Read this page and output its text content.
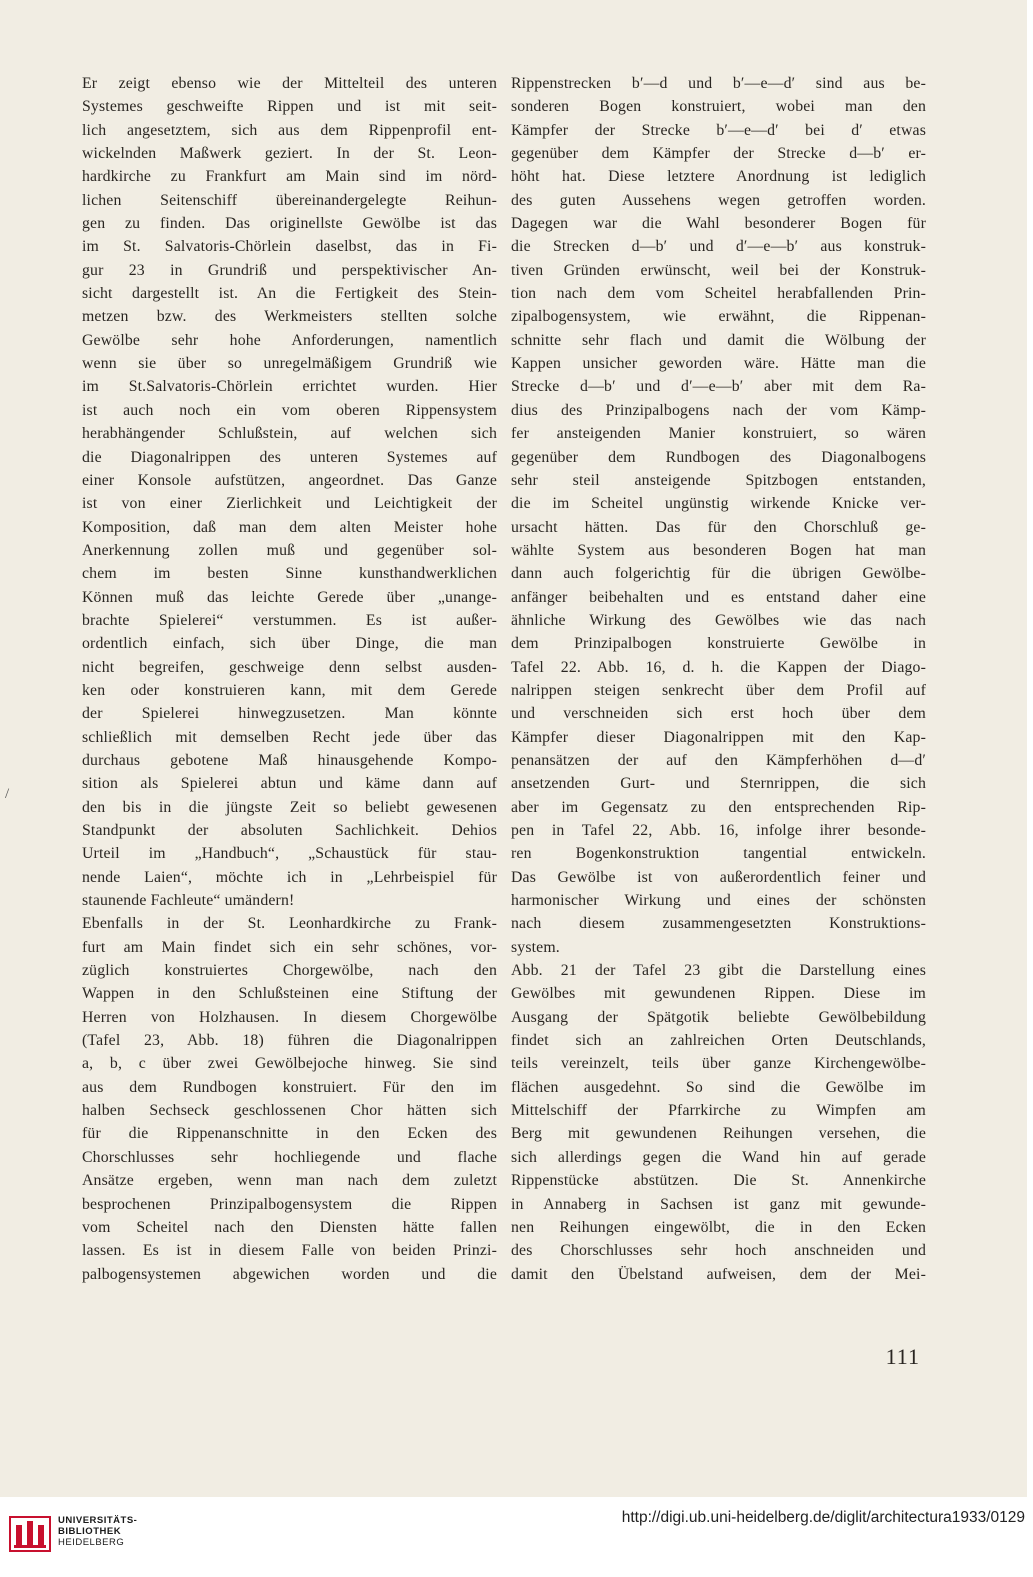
Er zeigt ebenso wie der Mittelteil des unteren
Systemes geschweifte Rippen und ist mit seit-
lich angesetztem, sich aus dem Rippenprofil ent-
wickelnden Maßwerk geziert. In der St. Leon-
hardkirche zu Frankfurt am Main sind im nörd-
lichen Seitenschiff übereinandergelegte Reihun-
gen zu finden. Das originellste Gewölbe ist das
im St. Salvatoris-Chörlein daselbst, das in Fi-
gur 23 in Grundriß und perspektivischer An-
sicht dargestellt ist. An die Fertigkeit des Stein-
metzen bzw. des Werkmeisters stellten solche
Gewölbe sehr hohe Anforderungen, namentlich
wenn sie über so unregelmäßigem Grundriß wie
im St.Salvatoris-Chörlein errichtet wurden. Hier
ist auch noch ein vom oberen Rippensystem
herabhängender Schlußstein, auf welchen sich
die Diagonalrippen des unteren Systemes auf
einer Konsole aufstützen, angeordnet. Das Ganze
ist von einer Zierlichkeit und Leichtigkeit der
Komposition, daß man dem alten Meister hohe
Anerkennung zollen muß und gegenüber sol-
chem im besten Sinne kunsthandwerklichen
Können muß das leichte Gerede über „unange-
brachte Spielerei“ verstummen. Es ist außer-
ordentlich einfach, sich über Dinge, die man
nicht begreifen, geschweige denn selbst ausden-
ken oder konstruieren kann, mit dem Gerede
der Spielerei hinwegzusetzen. Man könnte
schließlich mit demselben Recht jede über das
durchaus gebotene Maß hinausgehende Kompo-
sition als Spielerei abtun und käme dann auf
den bis in die jüngste Zeit so beliebt gewesenen
Standpunkt der absoluten Sachlichkeit. Dehios
Urteil im „Handbuch“, „Schaustück für stau-
nende Laien“, möchte ich in „Lehrbeispiel für
staunende Fachleute“ umändern!
Ebenfalls in der St. Leonhardkirche zu Frank-
furt am Main findet sich ein sehr schönes, vor-
züglich konstruiertes Chorgewölbe, nach den
Wappen in den Schlußsteinen eine Stiftung der
Herren von Holzhausen. In diesem Chorgewölbe
(Tafel 23, Abb. 18) führen die Diagonalrippen
a, b, c über zwei Gewölbejoche hinweg. Sie sind
aus dem Rundbogen konstruiert. Für den im
halben Sechseck geschlossenen Chor hätten sich
für die Rippenanschnitte in den Ecken des
Chorschlusses sehr hochliegende und flache
Ansätze ergeben, wenn man nach dem zuletzt
besprochenen Prinzipalbogensystem die Rippen
vom Scheitel nach den Diensten hätte fallen
lassen. Es ist in diesem Falle von beiden Prinzi-
palbogensystemen abgewichen worden und die
Rippenstrecken b′—d und b′—e—d′ sind aus be-
sonderen Bogen konstruiert, wobei man den
Kämpfer der Strecke b′—e—d′ bei d′ etwas
gegenüber dem Kämpfer der Strecke d—b′ er-
höht hat. Diese letztere Anordnung ist lediglich
des guten Aussehens wegen getroffen worden.
Dagegen war die Wahl besonderer Bogen für
die Strecken d—b′ und d′—e—b′ aus konstruk-
tiven Gründen erwünscht, weil bei der Konstruk-
tion nach dem vom Scheitel herabfallenden Prin-
zipalbogensystem, wie erwähnt, die Rippenan-
schnitte sehr flach und damit die Wölbung der
Kappen unsicher geworden wäre. Hätte man die
Strecke d—b′ und d′—e—b′ aber mit dem Ra-
dius des Prinzipalbogens nach der vom Kämp-
fer ansteigenden Manier konstruiert, so wären
gegenüber dem Rundbogen des Diagonalbogens
sehr steil ansteigende Spitzbogen entstanden,
die im Scheitel ungünstig wirkende Knicke ver-
ursacht hätten. Das für den Chorschluß ge-
wählte System aus besonderen Bogen hat man
dann auch folgerichtig für die übrigen Gewölbe-
anfänger beibehalten und es entstand daher eine
ähnliche Wirkung des Gewölbes wie das nach
dem Prinzipalbogen konstruierte Gewölbe in
Tafel 22. Abb. 16, d. h. die Kappen der Diago-
nalrippen steigen senkrecht über dem Profil auf
und verschneiden sich erst hoch über dem
Kämpfer dieser Diagonalrippen mit den Kap-
penansätzen der auf den Kämpferhöhen d—d′
ansetzenden Gurt- und Sternrippen, die sich
aber im Gegensatz zu den entsprechenden Rip-
pen in Tafel 22, Abb. 16, infolge ihrer besonde-
ren Bogenkonstruktion tangential entwickeln.
Das Gewölbe ist von außerordentlich feiner und
harmonischer Wirkung und eines der schönsten
nach diesem zusammengesetzten Konstruktions-
system.
Abb. 21 der Tafel 23 gibt die Darstellung eines
Gewölbes mit gewundenen Rippen. Diese im
Ausgang der Spätgotik beliebte Gewölbebildung
findet sich an zahlreichen Orten Deutschlands,
teils vereinzelt, teils über ganze Kirchengewölbe-
flächen ausgedehnt. So sind die Gewölbe im
Mittelschiff der Pfarrkirche zu Wimpfen am
Berg mit gewundenen Reihungen versehen, die
sich allerdings gegen die Wand hin auf gerade
Rippenstücke abstützen. Die St. Annenkirche
in Annaberg in Sachsen ist ganz mit gewunde-
nen Reihungen eingewölbt, die in den Ecken
des Chorschlusses sehr hoch anschneiden und
damit den Übelstand aufweisen, dem der Mei-
/
111
UNIVERSITÄTS-
BIBLIOTHEK
HEIDELBERG
http://digi.ub.uni-heidelberg.de/diglit/architectura1933/0129
